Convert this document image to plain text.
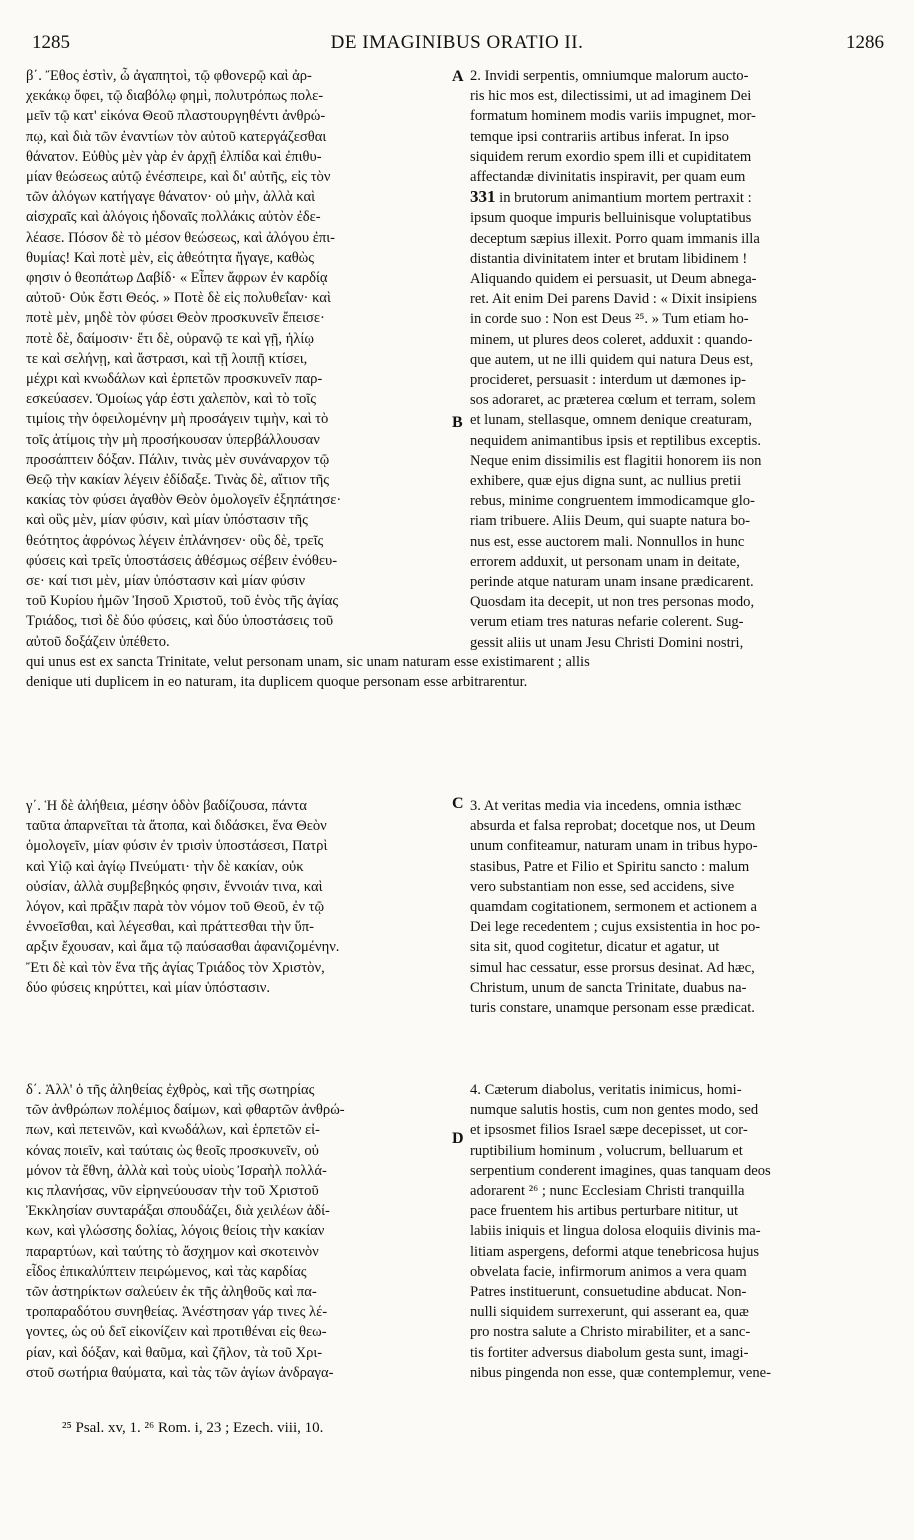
1285	DE IMAGINIBUS ORATIO II.	1286
A
B
C
D
β΄. Ἔθος ἐστὶν, ὦ ἀγαπητοὶ, τῷ φθονερῷ καὶ ἀρ-
χεκάκῳ ὄφει, τῷ διαβόλῳ φημὶ, πολυτρόπως πολε-
μεῖν τῷ κατ' εἰκόνα Θεοῦ πλαστουργηθέντι ἀνθρώ-
πῳ, καὶ διὰ τῶν ἐναντίων τὸν αὐτοῦ κατεργάζεσθαι
θάνατον. Εὐθὺς μὲν γὰρ ἐν ἀρχῇ ἐλπίδα καὶ ἐπιθυ-
μίαν θεώσεως αὐτῷ ἐνέσπειρε, καὶ δι' αὐτῆς, εἰς τὸν
τῶν ἀλόγων κατήγαγε θάνατον· οὐ μὴν, ἀλλὰ καὶ
αἰσχραῖς καὶ ἀλόγοις ἡδοναῖς πολλάκις αὐτὸν ἐδε-
λέασε. Πόσον δὲ τὸ μέσον θεώσεως, καὶ ἀλόγου ἐπι-
θυμίας! Καὶ ποτὲ μὲν, εἰς ἀθεότητα ἤγαγε, καθὼς
φησιν ὁ θεοπάτωρ Δαβίδ· « Εἶπεν ἄφρων ἐν καρδίᾳ
αὐτοῦ· Οὐκ ἔστι Θεός. » Ποτὲ δὲ εἰς πολυθεΐαν· καὶ
ποτὲ μὲν, μηδὲ τὸν φύσει Θεὸν προσκυνεῖν ἔπεισε·
ποτὲ δὲ, δαίμοσιν· ἔτι δὲ, οὐρανῷ τε καὶ γῇ, ἡλίῳ
τε καὶ σελήνῃ, καὶ ἄστρασι, καὶ τῇ λοιπῇ κτίσει,
μέχρι καὶ κνωδάλων καὶ ἑρπετῶν προσκυνεῖν παρ-
εσκεύασεν. Ὁμοίως γάρ ἐστι χαλεπὸν, καὶ τὸ τοῖς
τιμίοις τὴν ὀφειλομένην μὴ προσάγειν τιμὴν, καὶ τὸ
τοῖς ἀτίμοις τὴν μὴ προσήκουσαν ὑπερβάλλουσαν
προσάπτειν δόξαν. Πάλιν, τινὰς μὲν συνάναρχον τῷ
Θεῷ τὴν κακίαν λέγειν ἐδίδαξε. Τινὰς δὲ, αἴτιον τῆς
κακίας τὸν φύσει ἀγαθὸν Θεὸν ὁμολογεῖν ἐξηπάτησε·
καὶ οὓς μὲν, μίαν φύσιν, καὶ μίαν ὑπόστασιν τῆς
θεότητος ἀφρόνως λέγειν ἐπλάνησεν· οὓς δὲ, τρεῖς
φύσεις καὶ τρεῖς ὑποστάσεις ἀθέσμως σέβειν ἐνόθευ-
σε· καί τισι μὲν, μίαν ὑπόστασιν καὶ μίαν φύσιν
τοῦ Κυρίου ἡμῶν Ἰησοῦ Χριστοῦ, τοῦ ἑνὸς τῆς ἁγίας
Τριάδος, τισὶ δὲ δύο φύσεις, καὶ δύο ὑποστάσεις τοῦ
αὐτοῦ δοξάζειν ὑπέθετο.
2. Invidi serpentis, omniumque malorum aucto-
ris hic mos est, dilectissimi, ut ad imaginem Dei
formatum hominem modis variis impugnet, mor-
temque ipsi contrariis artibus inferat. In ipso
siquidem rerum exordio spem illi et cupiditatem
affectandæ divinitatis inspiravit, per quam eum
331 in brutorum animantium mortem pertraxit :
ipsum quoque impuris belluinisque voluptatibus
deceptum sæpius illexit. Porro quam immanis illa
distantia divinitatem inter et brutam libidinem !
Aliquando quidem ei persuasit, ut Deum abnega-
ret. Ait enim Dei parens David : « Dixit insipiens
in corde suo : Non est Deus ²⁵. » Tum etiam ho-
minem, ut plures deos coleret, adduxit : quando-
que autem, ut ne illi quidem qui natura Deus est,
procideret, persuasit : interdum ut dæmones ip-
sos adoraret, ac præterea cœlum et terram, solem
et lunam, stellasque, omnem denique creaturam,
nequidem animantibus ipsis et reptilibus exceptis.
Neque enim dissimilis est flagitii honorem iis non
exhibere, quæ ejus digna sunt, ac nullius pretii
rebus, minime congruentem immodicamque glo-
riam tribuere. Aliis Deum, qui suapte natura bo-
nus est, esse auctorem mali. Nonnullos in hunc
errorem adduxit, ut personam unam in deitate,
perinde atque naturam unam insane prædicarent.
Quosdam ita decepit, ut non tres personas modo,
verum etiam tres naturas nefarie colerent. Sug-
gessit aliis ut unam Jesu Christi Domini nostri,
qui unus est ex sancta Trinitate, velut personam unam, sic unam naturam esse existimarent ; allis
denique uti duplicem in eo naturam, ita duplicem quoque personam esse arbitrarentur.
γ΄. Ἡ δὲ ἀλήθεια, μέσην ὁδὸν βαδίζουσα, πάντα
ταῦτα ἀπαρνεῖται τὰ ἄτοπα, καὶ διδάσκει, ἕνα Θεὸν
ὁμολογεῖν, μίαν φύσιν ἐν τρισὶν ὑποστάσεσι, Πατρὶ
καὶ Υἱῷ καὶ ἁγίῳ Πνεύματι· τὴν δὲ κακίαν, οὐκ
οὐσίαν, ἀλλὰ συμβεβηκός φησιν, ἔννοιάν τινα, καὶ
λόγον, καὶ πρᾶξιν παρὰ τὸν νόμον τοῦ Θεοῦ, ἐν τῷ
ἐννοεῖσθαι, καὶ λέγεσθαι, καὶ πράττεσθαι τὴν ὕπ-
αρξιν ἔχουσαν, καὶ ἅμα τῷ παύσασθαι ἀφανιζομένην.
Ἔτι δὲ καὶ τὸν ἕνα τῆς ἁγίας Τριάδος τὸν Χριστὸν,
δύο φύσεις κηρύττει, καὶ μίαν ὑπόστασιν.
3. At veritas media via incedens, omnia isthæc
absurda et falsa reprobat; docetque nos, ut Deum
unum confiteamur, naturam unam in tribus hypo-
stasibus, Patre et Filio et Spiritu sancto : malum
vero substantiam non esse, sed accidens, sive
quamdam cogitationem, sermonem et actionem a
Dei lege recedentem ; cujus exsistentia in hoc po-
sita sit, quod cogitetur, dicatur et agatur, ut
simul hac cessatur, esse prorsus desinat. Ad hæc,
Christum, unum de sancta Trinitate, duabus na-
turis constare, unamque personam esse prædicat.
δ΄. Ἀλλ' ὁ τῆς ἀληθείας ἐχθρὸς, καὶ τῆς σωτηρίας
τῶν ἀνθρώπων πολέμιος δαίμων, καὶ φθαρτῶν ἀνθρώ-
πων, καὶ πετεινῶν, καὶ κνωδάλων, καὶ ἑρπετῶν εἰ-
κόνας ποιεῖν, καὶ ταύταις ὡς θεοῖς προσκυνεῖν, οὐ
μόνον τὰ ἔθνη, ἀλλὰ καὶ τοὺς υἱοὺς Ἰσραὴλ πολλά-
κις πλανήσας, νῦν εἰρηνεύουσαν τὴν τοῦ Χριστοῦ
Ἐκκλησίαν συνταράξαι σπουδάζει, διὰ χειλέων ἀδί-
κων, καὶ γλώσσης δολίας, λόγοις θείοις τὴν κακίαν
παραρτύων, καὶ ταύτης τὸ ἄσχημον καὶ σκοτεινὸν
εἶδος ἐπικαλύπτειν πειρώμενος, καὶ τὰς καρδίας
τῶν ἀστηρίκτων σαλεύειν ἐκ τῆς ἀληθοῦς καὶ πα-
τροπαραδότου συνηθείας. Ἀνέστησαν γάρ τινες λέ-
γοντες, ὡς οὐ δεῖ εἰκονίζειν καὶ προτιθέναι εἰς θεω-
ρίαν, καὶ δόξαν, καὶ θαῦμα, καὶ ζῆλον, τὰ τοῦ Χρι-
στοῦ σωτήρια θαύματα, καὶ τὰς τῶν ἁγίων ἀνδραγα-
4. Cæterum diabolus, veritatis inimicus, homi-
numque salutis hostis, cum non gentes modo, sed
et ipsosmet filios Israel sæpe decepisset, ut cor-
ruptibilium hominum , volucrum, belluarum et
serpentium conderent imagines, quas tanquam deos
adorarent ²⁶ ; nunc Ecclesiam Christi tranquilla
pace fruentem his artibus perturbare nititur, ut
labiis iniquis et lingua dolosa eloquiis divinis ma-
litiam aspergens, deformi atque tenebricosa hujus
obvelata facie, infirmorum animos a vera quam
Patres instituerunt, consuetudine abducat. Non-
nulli siquidem surrexerunt, qui asserant ea, quæ
pro nostra salute a Christo mirabiliter, et a sanc-
tis fortiter adversus diabolum gesta sunt, imagi-
nibus pingenda non esse, quæ contemplemur, vene-
²⁵ Psal. xv, 1. ²⁶ Rom. i, 23 ; Ezech. viii, 10.
